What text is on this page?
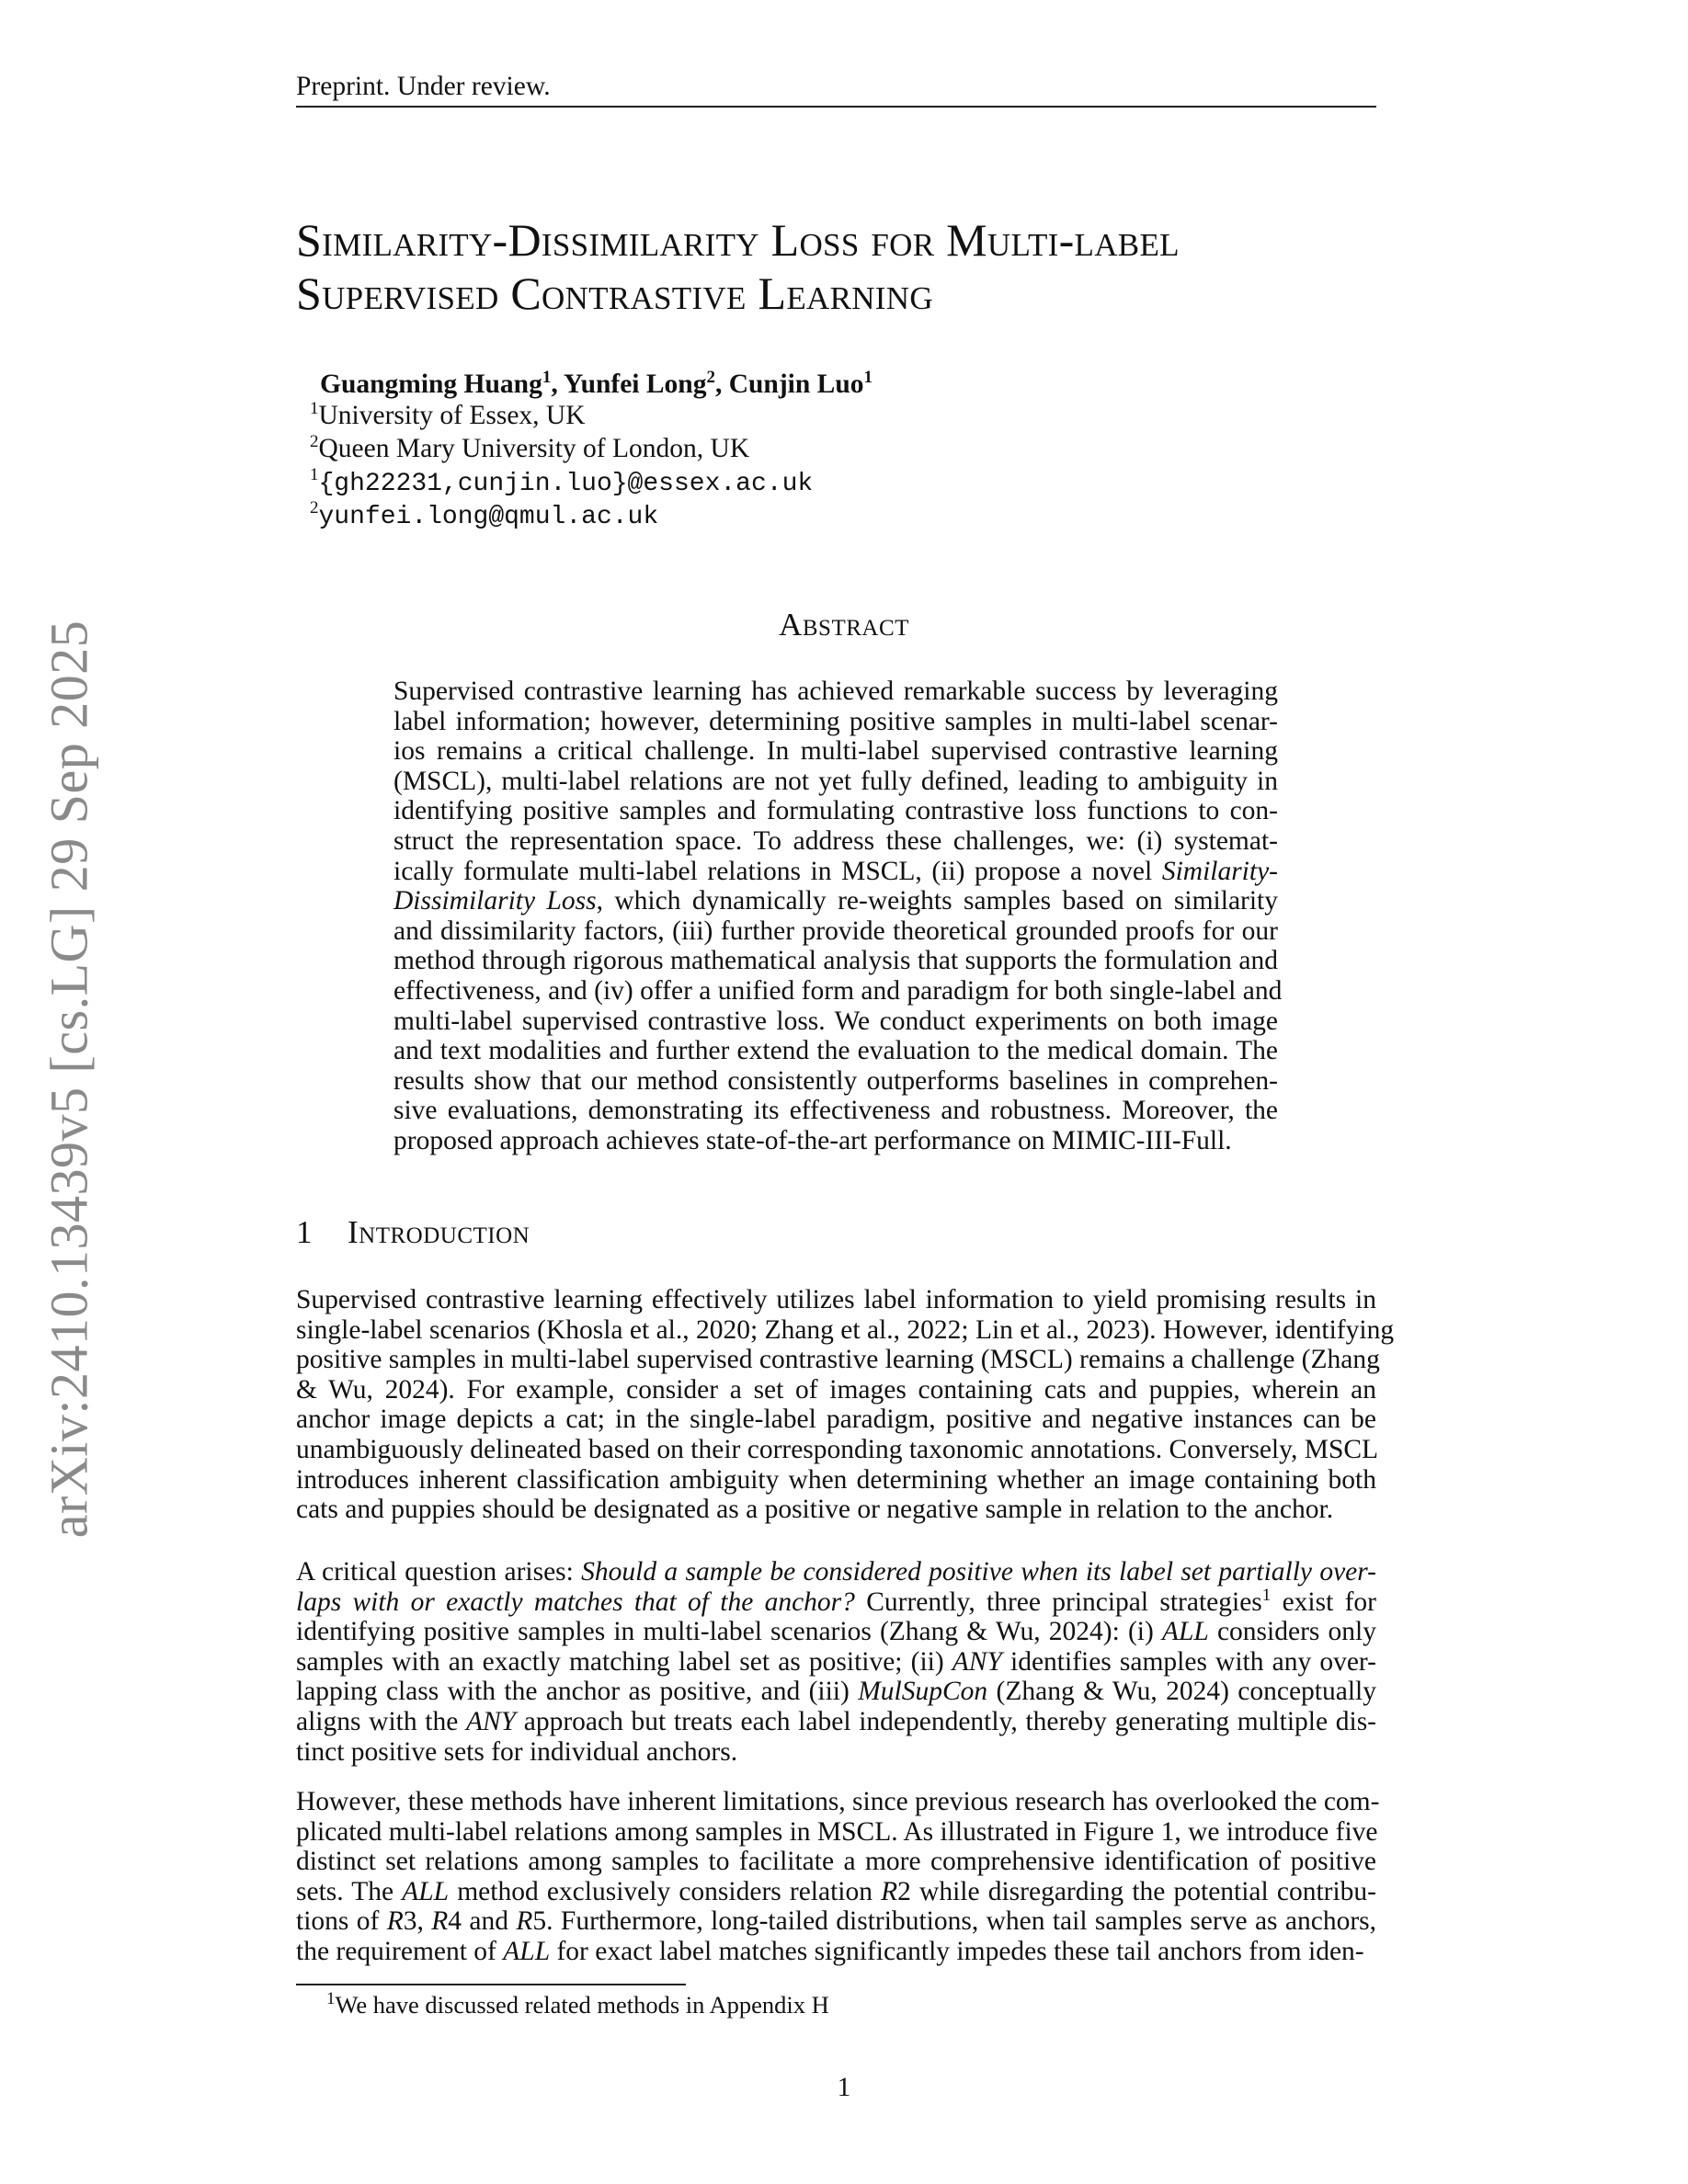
arXiv:2410.13439v5 [cs.LG] 29 Sep 2025
Preprint. Under review.
Similarity-Dissimilarity Loss for Multi-label
Supervised Contrastive Learning
Guangming Huang$^1$, Yunfei Long$^2$, Cunjin Luo$^1$
$^1$University of Essex, UK
$^2$Queen Mary University of London, UK
$^1${gh22231,cunjin.luo}@essex.ac.uk
$^2$yunfei.long@qmul.ac.uk
Abstract
Supervised contrastive learning has achieved remarkable success by leveraging
label information; however, determining positive samples in multi-label scenar-
ios remains a critical challenge. In multi-label supervised contrastive learning
(MSCL), multi-label relations are not yet fully defined, leading to ambiguity in
identifying positive samples and formulating contrastive loss functions to con-
struct the representation space. To address these challenges, we: (i) systemat-
ically formulate multi-label relations in MSCL, (ii) propose a novel Similarity-
Dissimilarity Loss, which dynamically re-weights samples based on similarity
and dissimilarity factors, (iii) further provide theoretical grounded proofs for our
method through rigorous mathematical analysis that supports the formulation and
effectiveness, and (iv) offer a unified form and paradigm for both single-label and
multi-label supervised contrastive loss. We conduct experiments on both image
and text modalities and further extend the evaluation to the medical domain. The
results show that our method consistently outperforms baselines in comprehen-
sive evaluations, demonstrating its effectiveness and robustness. Moreover, the
proposed approach achieves state-of-the-art performance on MIMIC-III-Full.
1 Introduction
Supervised contrastive learning effectively utilizes label information to yield promising results in
single-label scenarios (Khosla et al., 2020; Zhang et al., 2022; Lin et al., 2023). However, identifying
positive samples in multi-label supervised contrastive learning (MSCL) remains a challenge (Zhang
& Wu, 2024). For example, consider a set of images containing cats and puppies, wherein an
anchor image depicts a cat; in the single-label paradigm, positive and negative instances can be
unambiguously delineated based on their corresponding taxonomic annotations. Conversely, MSCL
introduces inherent classification ambiguity when determining whether an image containing both
cats and puppies should be designated as a positive or negative sample in relation to the anchor.
A critical question arises: Should a sample be considered positive when its label set partially over-
laps with or exactly matches that of the anchor? Currently, three principal strategies$^1$ exist for
identifying positive samples in multi-label scenarios (Zhang & Wu, 2024): (i) ALL considers only
samples with an exactly matching label set as positive; (ii) ANY identifies samples with any over-
lapping class with the anchor as positive, and (iii) MulSupCon (Zhang & Wu, 2024) conceptually
aligns with the ANY approach but treats each label independently, thereby generating multiple dis-
tinct positive sets for individual anchors.
However, these methods have inherent limitations, since previous research has overlooked the com-
plicated multi-label relations among samples in MSCL. As illustrated in Figure 1, we introduce five
distinct set relations among samples to facilitate a more comprehensive identification of positive
sets. The ALL method exclusively considers relation R2 while disregarding the potential contribu-
tions of R3, R4 and R5. Furthermore, long-tailed distributions, when tail samples serve as anchors,
the requirement of ALL for exact label matches significantly impedes these tail anchors from iden-
$^1$We have discussed related methods in Appendix H
1
